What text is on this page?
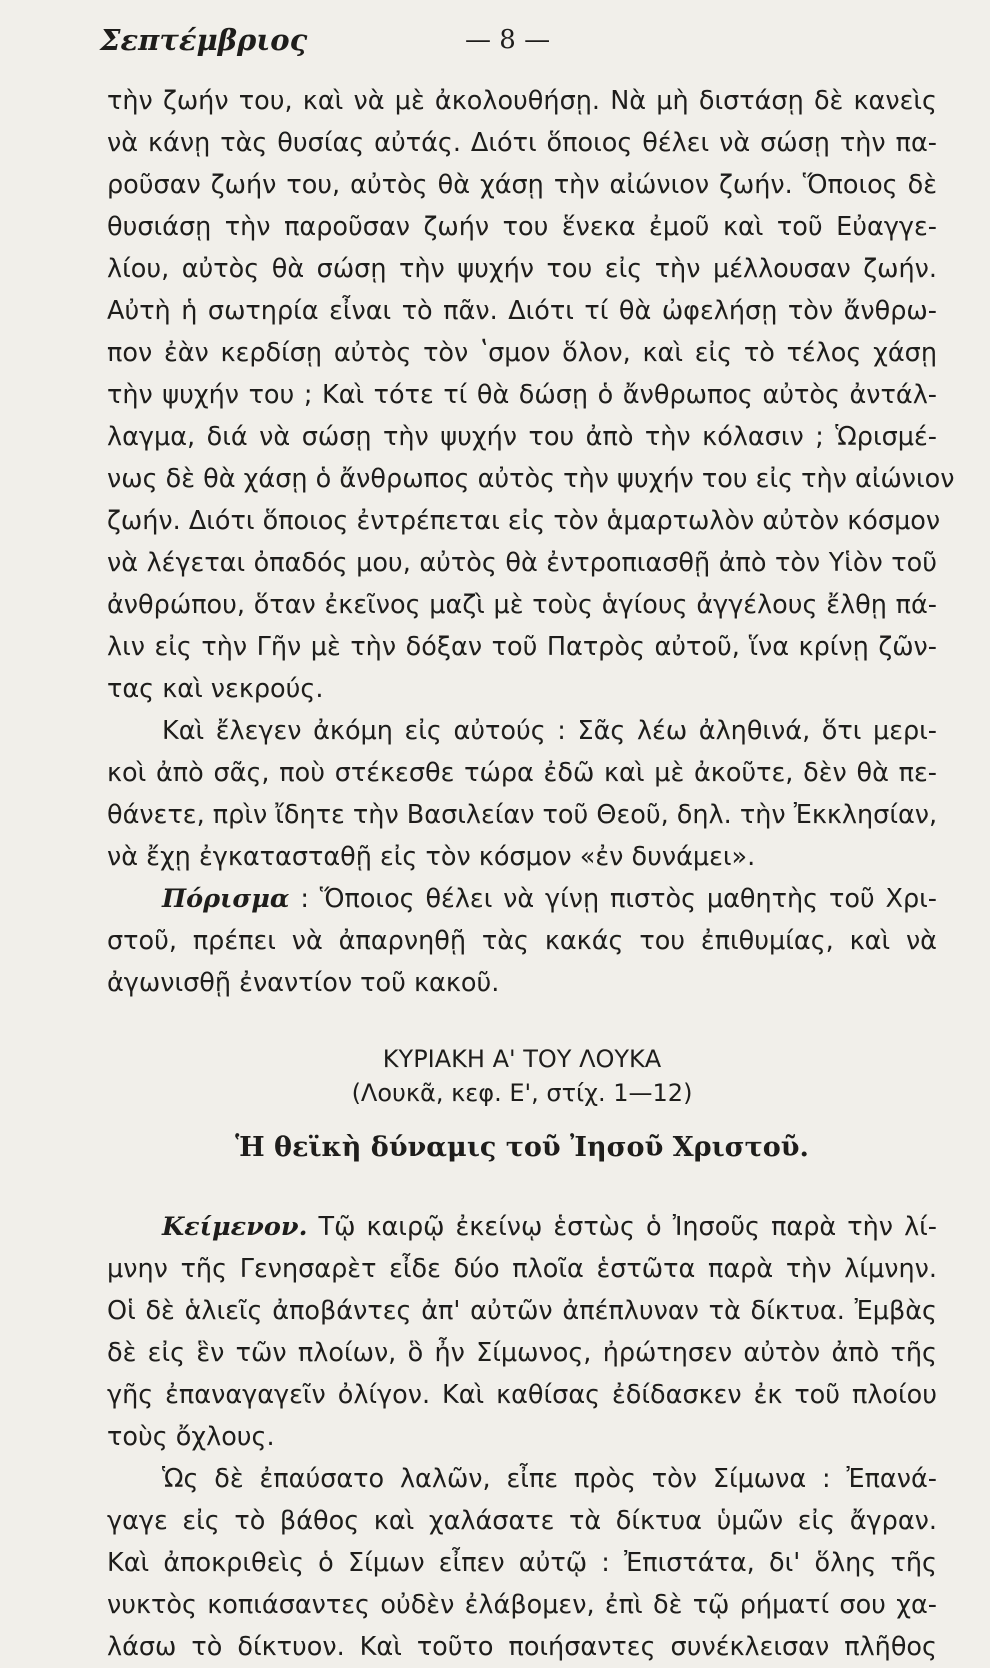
Σεπτέμβριος	— 8 —
τὴν ζωήν του, καὶ νὰ μὲ ἀκολουθήσῃ. Νὰ μὴ διστάσῃ δὲ κανεὶς
νὰ κάνῃ τὰς θυσίας αὐτάς. Διότι ὅποιος θέλει νὰ σώσῃ τὴν πα-
ροῦσαν ζωήν του, αὐτὸς θὰ χάσῃ τὴν αἰώνιον ζωήν. Ὅποιος δὲ
θυσιάσῃ τὴν παροῦσαν ζωήν του ἕνεκα ἐμοῦ καὶ τοῦ Εὐαγγε-
λίου, αὐτὸς θὰ σώσῃ τὴν ψυχήν του εἰς τὴν μέλλουσαν ζωήν.
Αὐτὴ ἡ σωτηρία εἶναι τὸ πᾶν. Διότι τί θὰ ὠφελήσῃ τὸν ἄνθρω-
πον ἐὰν κερδίσῃ αὐτὸς τὸν ʽσμον ὅλον, καὶ εἰς τὸ τέλος χάσῃ
τὴν ψυχήν του ; Καὶ τότε τί θὰ δώσῃ ὁ ἄνθρωπος αὐτὸς ἀντάλ-
λαγμα, διά νὰ σώσῃ τὴν ψυχήν του ἀπὸ τὴν κόλασιν ; Ὡρισμέ-
νως δὲ θὰ χάσῃ ὁ ἄνθρωπος αὐτὸς τὴν ψυχήν του εἰς τὴν αἰώνιον
ζωήν. Διότι ὅποιος ἐντρέπεται εἰς τὸν ἁμαρτωλὸν αὐτὸν κόσμον
νὰ λέγεται ὀπαδός μου, αὐτὸς θὰ ἐντροπιασθῇ ἀπὸ τὸν Υἱὸν τοῦ
ἀνθρώπου, ὅταν ἐκεῖνος μαζὶ μὲ τοὺς ἁγίους ἀγγέλους ἔλθῃ πά-
λιν εἰς τὴν Γῆν μὲ τὴν δόξαν τοῦ Πατρὸς αὐτοῦ, ἵνα κρίνῃ ζῶν-
τας καὶ νεκρούς.
Καὶ ἔλεγεν ἀκόμη εἰς αὐτούς : Σᾶς λέω ἀληθινά, ὅτι μερι-
κοὶ ἀπὸ σᾶς, ποὺ στέκεσθε τώρα ἐδῶ καὶ μὲ ἀκοῦτε, δὲν θὰ πε-
θάνετε, πρὶν ἴδητε τὴν Βασιλείαν τοῦ Θεοῦ, δηλ. τὴν Ἐκκλησίαν,
νὰ ἔχῃ ἐγκατασταθῇ εἰς τὸν κόσμον «ἐν δυνάμει».
Πόρισμα : Ὅποιος θέλει νὰ γίνῃ πιστὸς μαθητὴς τοῦ Χρι-
στοῦ, πρέπει νὰ ἀπαρνηθῇ τὰς κακάς του ἐπιθυμίας, καὶ νὰ
ἀγωνισθῇ ἐναντίον τοῦ κακοῦ.
ΚΥΡΙΑΚΗ Α' ΤΟΥ ΛΟΥΚΑ
(Λουκᾶ, κεφ. Ε', στίχ. 1—12)
Ἡ θεϊκὴ δύναμις τοῦ Ἰησοῦ Χριστοῦ.
Κείμενον. Τῷ καιρῷ ἐκείνῳ ἑστὼς ὁ Ἰησοῦς παρὰ τὴν λί-
μνην τῆς Γενησαρὲτ εἶδε δύο πλοῖα ἑστῶτα παρὰ τὴν λίμνην.
Οἱ δὲ ἁλιεῖς ἀποβάντες ἀπ' αὐτῶν ἀπέπλυναν τὰ δίκτυα. Ἐμβὰς
δὲ εἰς ἓν τῶν πλοίων, ὃ ἦν Σίμωνος, ἠρώτησεν αὐτὸν ἀπὸ τῆς
γῆς ἐπαναγαγεῖν ὀλίγον. Καὶ καθίσας ἐδίδασκεν ἐκ τοῦ πλοίου
τοὺς ὄχλους.
Ὡς δὲ ἐπαύσατο λαλῶν, εἶπε πρὸς τὸν Σίμωνα : Ἐπανά-
γαγε εἰς τὸ βάθος καὶ χαλάσατε τὰ δίκτυα ὑμῶν εἰς ἄγραν.
Καὶ ἀποκριθεὶς ὁ Σίμων εἶπεν αὐτῷ : Ἐπιστάτα, δι' ὅλης τῆς
νυκτὸς κοπιάσαντες οὐδὲν ἐλάβομεν, ἐπὶ δὲ τῷ ρήματί σου χα-
λάσω τὸ δίκτυον. Καὶ τοῦτο ποιήσαντες συνέκλεισαν πλῆθος
